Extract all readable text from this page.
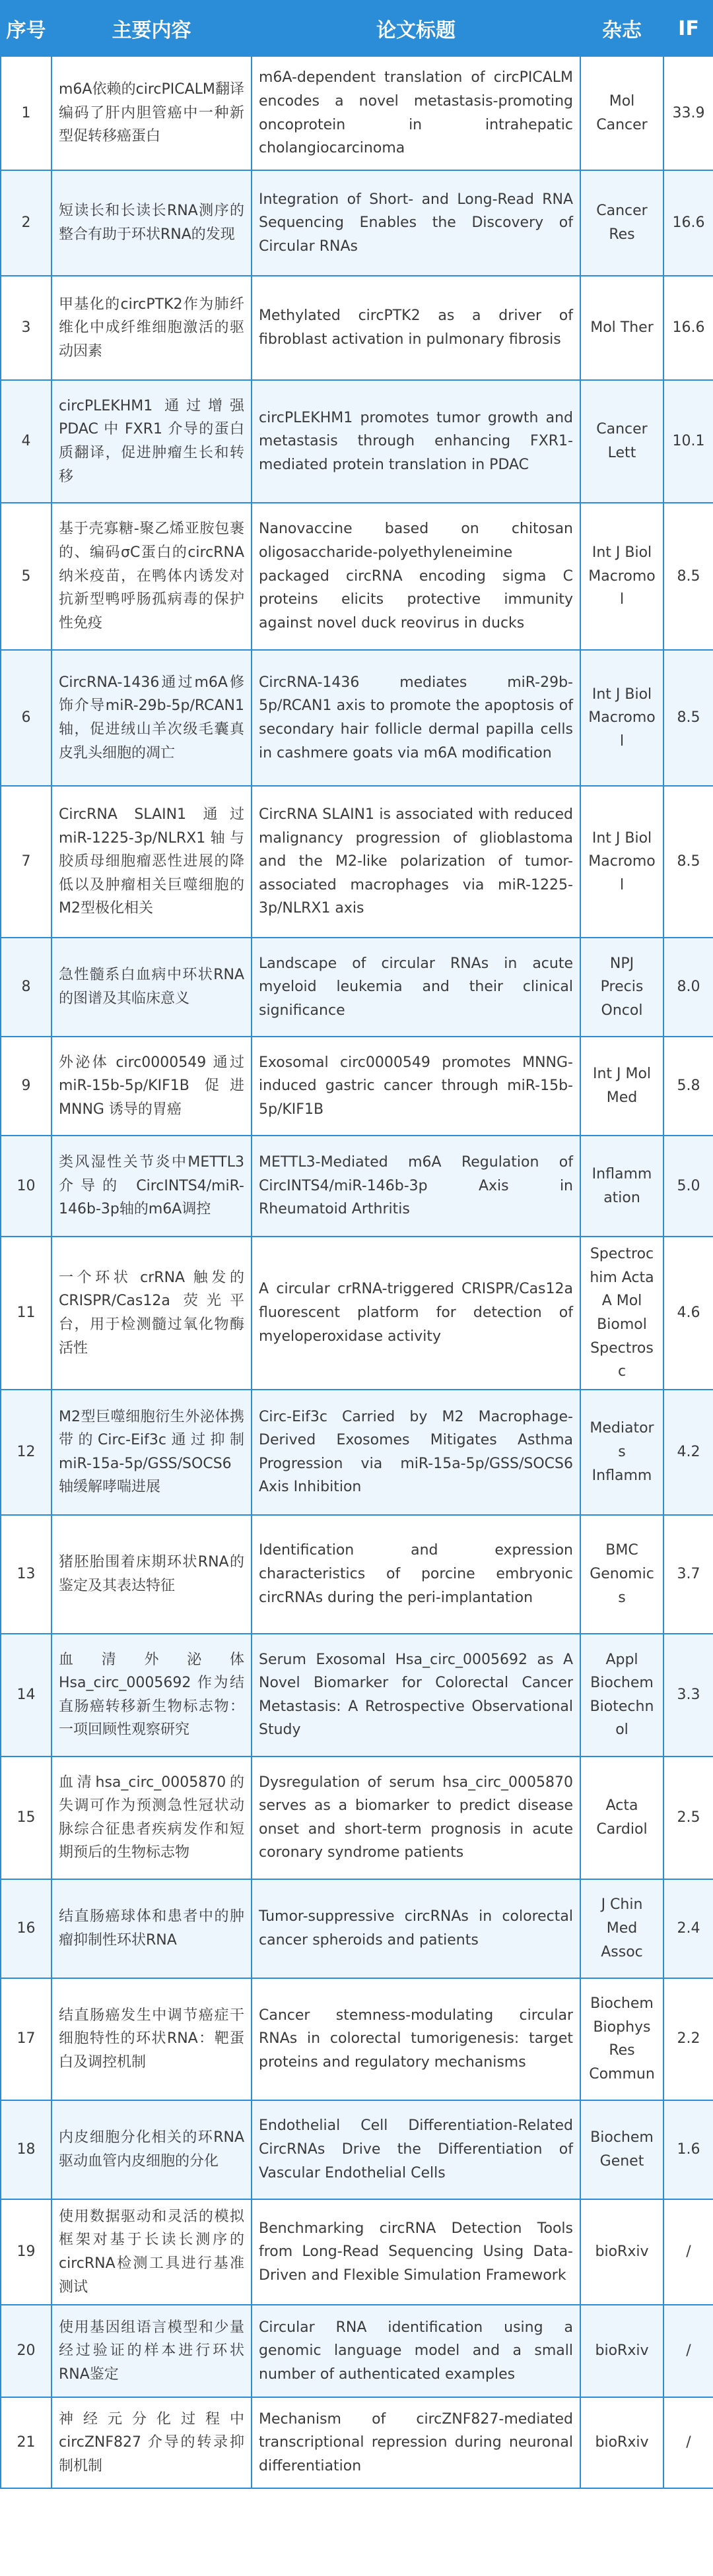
序号	主要内容	论文标题	杂志	IF
1	m6A依赖的circPICALM翻译编码了肝内胆管癌中一种新型促转移癌蛋白	m6A-dependent translation of circPICALM encodes a novel metastasis-promoting oncoprotein in intrahepatic cholangiocarcinoma	Mol Cancer	33.9
2	短读长和长读长RNA测序的整合有助于环状RNA的发现	Integration of Short- and Long-Read RNA Sequencing Enables the Discovery of Circular RNAs	Cancer Res	16.6
3	甲基化的circPTK2作为肺纤维化中成纤维细胞激活的驱动因素	Methylated circPTK2 as a driver of fibroblast activation in pulmonary fibrosis	Mol Ther	16.6
4	circPLEKHM1 通过增强 PDAC 中 FXR1 介导的蛋白质翻译，促进肿瘤生长和转移	circPLEKHM1 promotes tumor growth and metastasis through enhancing FXR1-mediated protein translation in PDAC	Cancer Lett	10.1
5	基于壳寡糖-聚乙烯亚胺包裹的、编码σC蛋白的circRNA纳米疫苗，在鸭体内诱发对抗新型鸭呼肠孤病毒的保护性免疫	Nanovaccine based on chitosan oligosaccharide-polyethyleneimine packaged circRNA encoding sigma C proteins elicits protective immunity against novel duck reovirus in ducks	Int J Biol Macromol	8.5
6	CircRNA-1436通过m6A修饰介导miR-29b-5p/RCAN1轴，促进绒山羊次级毛囊真皮乳头细胞的凋亡	CircRNA-1436 mediates miR-29b-5p/RCAN1 axis to promote the apoptosis of secondary hair follicle dermal papilla cells in cashmere goats via m6A modification	Int J Biol Macromol	8.5
7	CircRNA SLAIN1 通过 miR-1225-3p/NLRX1轴与胶质母细胞瘤恶性进展的降低以及肿瘤相关巨噬细胞的M2型极化相关	CircRNA SLAIN1 is associated with reduced malignancy progression of glioblastoma and the M2-like polarization of tumor-associated macrophages via miR-1225-3p/NLRX1 axis	Int J Biol Macromol	8.5
8	急性髓系白血病中环状RNA的图谱及其临床意义	Landscape of circular RNAs in acute myeloid leukemia and their clinical significance	NPJ Precis Oncol	8.0
9	外泌体 circ0000549 通过miR-15b-5p/KIF1B 促进MNNG 诱导的胃癌	Exosomal circ0000549 promotes MNNG-induced gastric cancer through miR-15b-5p/KIF1B	Int J Mol Med	5.8
10	类风湿性关节炎中METTL3介导的 CircINTS4/miR-146b-3p轴的m6A调控	METTL3-Mediated m6A Regulation of CircINTS4/miR-146b-3p Axis in Rheumatoid Arthritis	Inflammation	5.0
11	一个环状 crRNA 触发的 CRISPR/Cas12a 荧光平台，用于检测髓过氧化物酶活性	A circular crRNA-triggered CRISPR/Cas12a fluorescent platform for detection of myeloperoxidase activity	Spectrochim Acta A Mol Biomol Spectrosc	4.6
12	M2型巨噬细胞衍生外泌体携带的Circ-Eif3c通过抑制miR-15a-5p/GSS/SOCS6轴缓解哮喘进展	Circ-Eif3c Carried by M2 Macrophage-Derived Exosomes Mitigates Asthma Progression via miR-15a-5p/GSS/SOCS6 Axis Inhibition	Mediators Inflamm	4.2
13	猪胚胎围着床期环状RNA的鉴定及其表达特征	Identification and expression characteristics of porcine embryonic circRNAs during the peri-implantation	BMC Genomics	3.7
14	血清外泌体 Hsa_circ_0005692 作为结直肠癌转移新生物标志物：一项回顾性观察研究	Serum Exosomal Hsa_circ_0005692 as A Novel Biomarker for Colorectal Cancer Metastasis: A Retrospective Observational Study	Appl Biochem Biotechnol	3.3
15	血清hsa_circ_0005870的失调可作为预测急性冠状动脉综合征患者疾病发作和短期预后的生物标志物	Dysregulation of serum hsa_circ_0005870 serves as a biomarker to predict disease onset and short-term prognosis in acute coronary syndrome patients	Acta Cardiol	2.5
16	结直肠癌球体和患者中的肿瘤抑制性环状RNA	Tumor-suppressive circRNAs in colorectal cancer spheroids and patients	J Chin Med Assoc	2.4
17	结直肠癌发生中调节癌症干细胞特性的环状RNA：靶蛋白及调控机制	Cancer stemness-modulating circular RNAs in colorectal tumorigenesis: target proteins and regulatory mechanisms	Biochem Biophys Res Commun	2.2
18	内皮细胞分化相关的环RNA 驱动血管内皮细胞的分化	Endothelial Cell Differentiation-Related CircRNAs Drive the Differentiation of Vascular Endothelial Cells	Biochem Genet	1.6
19	使用数据驱动和灵活的模拟框架对基于长读长测序的circRNA检测工具进行基准测试	Benchmarking circRNA Detection Tools from Long-Read Sequencing Using Data-Driven and Flexible Simulation Framework	bioRxiv	/
20	使用基因组语言模型和少量经过验证的样本进行环状RNA鉴定	Circular RNA identification using a genomic language model and a small number of authenticated examples	bioRxiv	/
21	神经元分化过程中circZNF827 介导的转录抑制机制	Mechanism of circZNF827-mediated transcriptional repression during neuronal differentiation	bioRxiv	/
